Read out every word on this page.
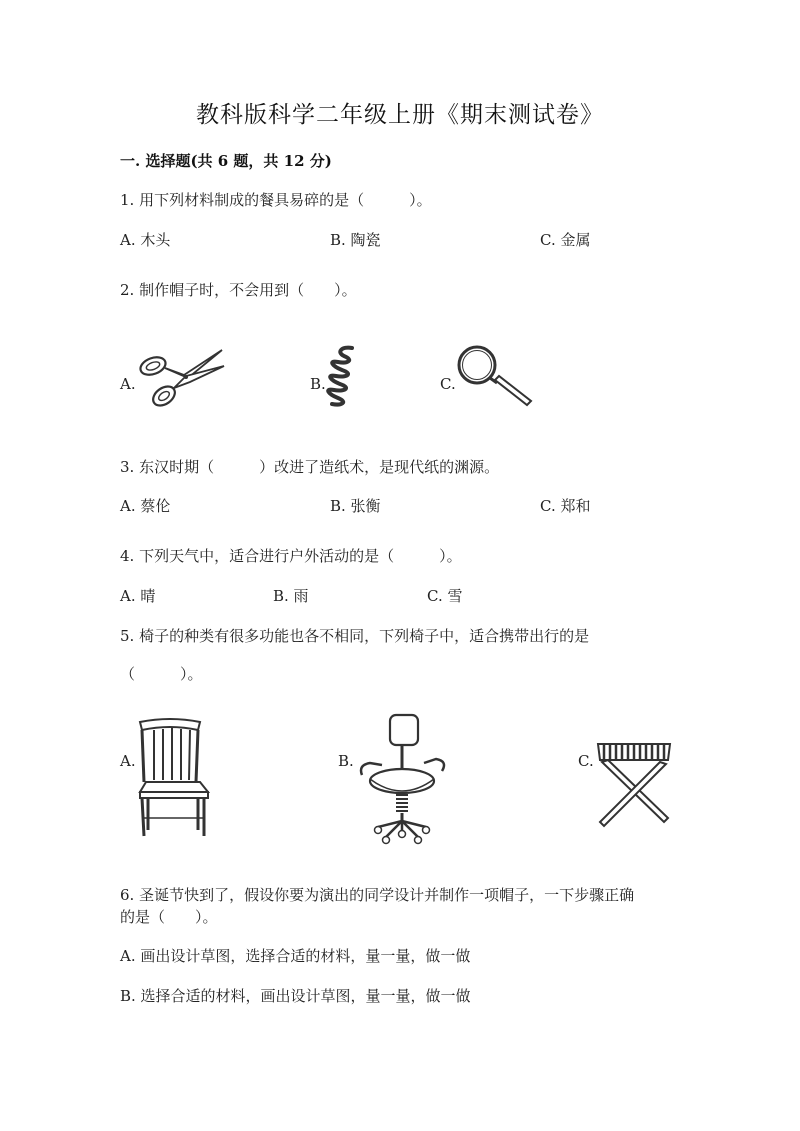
教科版科学二年级上册《期末测试卷》
一. 选择题(共 6 题，共 12 分)
1. 用下列材料制成的餐具易碎的是（　　　）。
A. 木头	B. 陶瓷	C. 金属
2. 制作帽子时，不会用到（　　）。
A.	B.	C.
3. 东汉时期（　　　）改进了造纸术，是现代纸的渊源。
A. 蔡伦	B. 张衡	C. 郑和
4. 下列天气中，适合进行户外活动的是（　　　）。
A. 晴	B. 雨	C. 雪
5. 椅子的种类有很多功能也各不相同，下列椅子中，适合携带出行的是
（　　　）。
A.	B.	C.
6. 圣诞节快到了，假设你要为演出的同学设计并制作一项帽子，一下步骤正确
的是（　　）。
A. 画出设计草图，选择合适的材料，量一量，做一做
B. 选择合适的材料，画出设计草图，量一量，做一做
